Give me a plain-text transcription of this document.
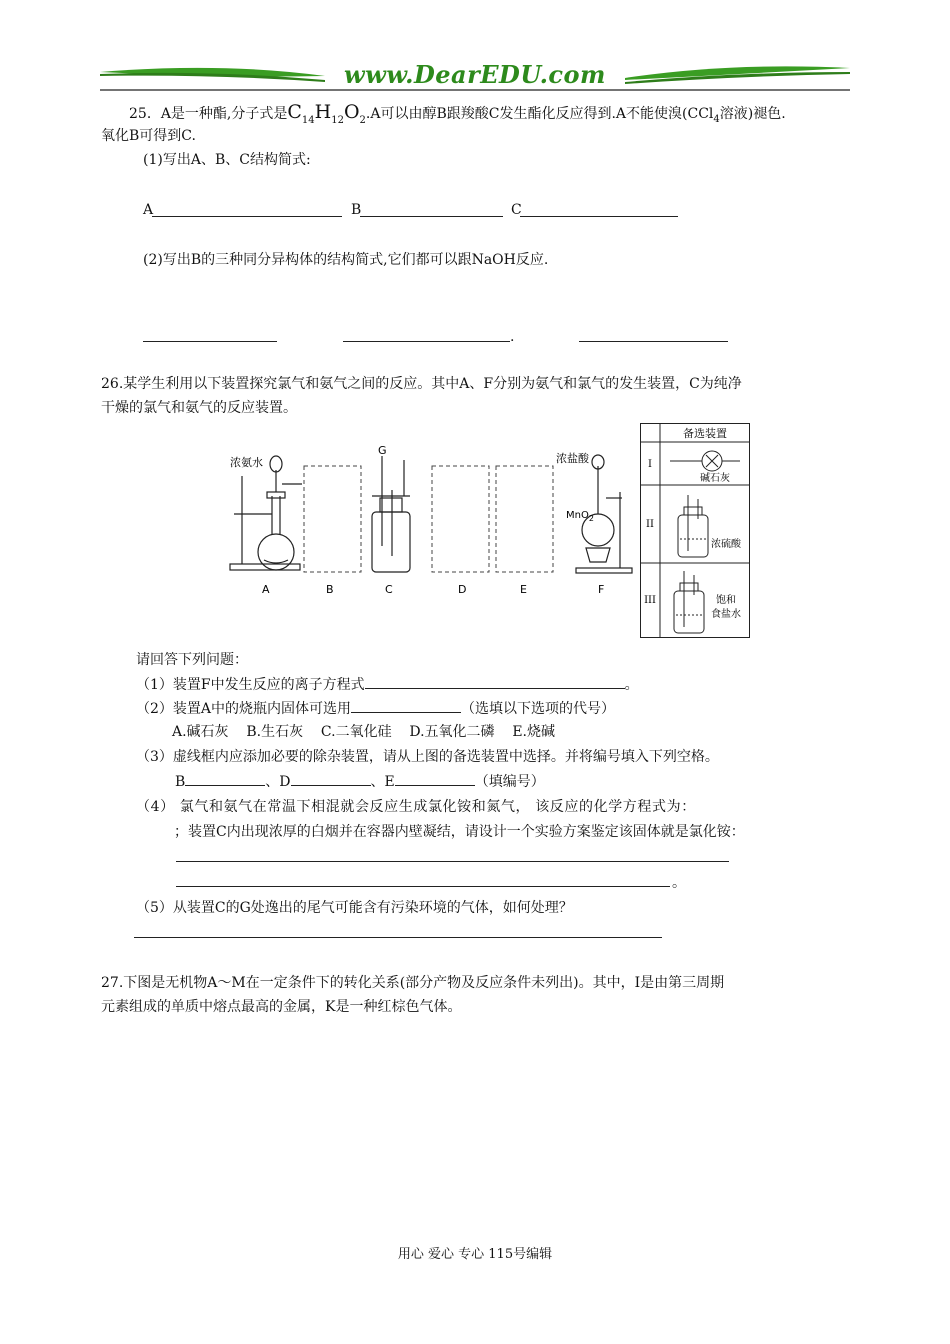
www.DearEDU.com
25．A是一种酯,分子式是$C_{14}H_{12}O_2.A$可以由醇B跟羧酸C发生酯化反应得到.A不能使溴(CCl$_4$溶液)褪色.
氧化B可得到C.
(1)写出A、B、C结构简式:
A	B	C
(2)写出B的三种同分异构体的结构简式,它们都可以跟NaOH反应.
.
26.某学生利用以下装置探究氯气和氨气之间的反应。其中A、F分别为氨气和氯气的发生装置，C为纯净
干燥的氯气和氨气的反应装置。
浓氨水
G
浓盐酸
MnO$_2$
A	B	C	D	E	F
备选装置
I
碱石灰
II
浓硫酸
III	饱和
食盐水
请回答下列问题：
（1）装置F中发生反应的离子方程式	。
（2）装置A中的烧瓶内固体可选用	（选填以下选项的代号）
A.碱石灰    B.生石灰    C.二氧化硅    D.五氧化二磷    E.烧碱
（3）虚线框内应添加必要的除杂装置，请从上图的备选装置中选择。并将编号填入下列空格。
B	、D	、E	（填编号）
（4） 氯气和氨气在常温下相混就会反应生成氯化铵和氮气， 该反应的化学方程式为：
；装置C内出现浓厚的白烟并在容器内壁凝结，请设计一个实验方案鉴定该固体就是氯化铵：
。
（5）从装置C的G处逸出的尾气可能含有污染环境的气体，如何处理？
27.下图是无机物A～M在一定条件下的转化关系(部分产物及反应条件未列出)。其中，I是由第三周期
元素组成的单质中熔点最高的金属，K是一种红棕色气体。
用心 爱心 专心 115号编辑
